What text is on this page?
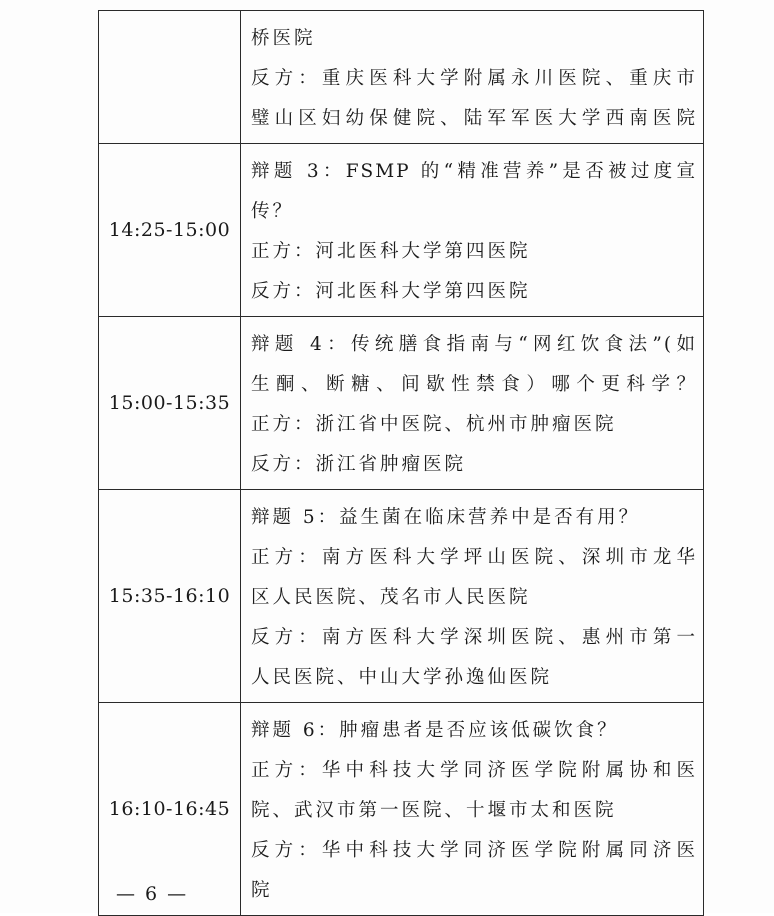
	桥医院
反方：重庆医科大学附属永川医院、重庆市
璧山区妇幼保健院、陆军军医大学西南医院

14:25-15:00	辩题 3：FSMP 的“精准营养”是否被过度宣
传？
正方：河北医科大学第四医院
反方：河北医科大学第四医院

15:00-15:35	辩题 4：传统膳食指南与“网红饮食法”(如
生酮、断糖、间歇性禁食）哪个更科学？
正方：浙江省中医院、杭州市肿瘤医院
反方：浙江省肿瘤医院

15:35-16:10	辩题 5：益生菌在临床营养中是否有用？
正方：南方医科大学坪山医院、深圳市龙华
区人民医院、茂名市人民医院
反方：南方医科大学深圳医院、惠州市第一
人民医院、中山大学孙逸仙医院

16:10-16:45	辩题 6：肿瘤患者是否应该低碳饮食？
正方：华中科技大学同济医学院附属协和医
院、武汉市第一医院、十堰市太和医院
反方：华中科技大学同济医学院附属同济医
院
— 6 —
